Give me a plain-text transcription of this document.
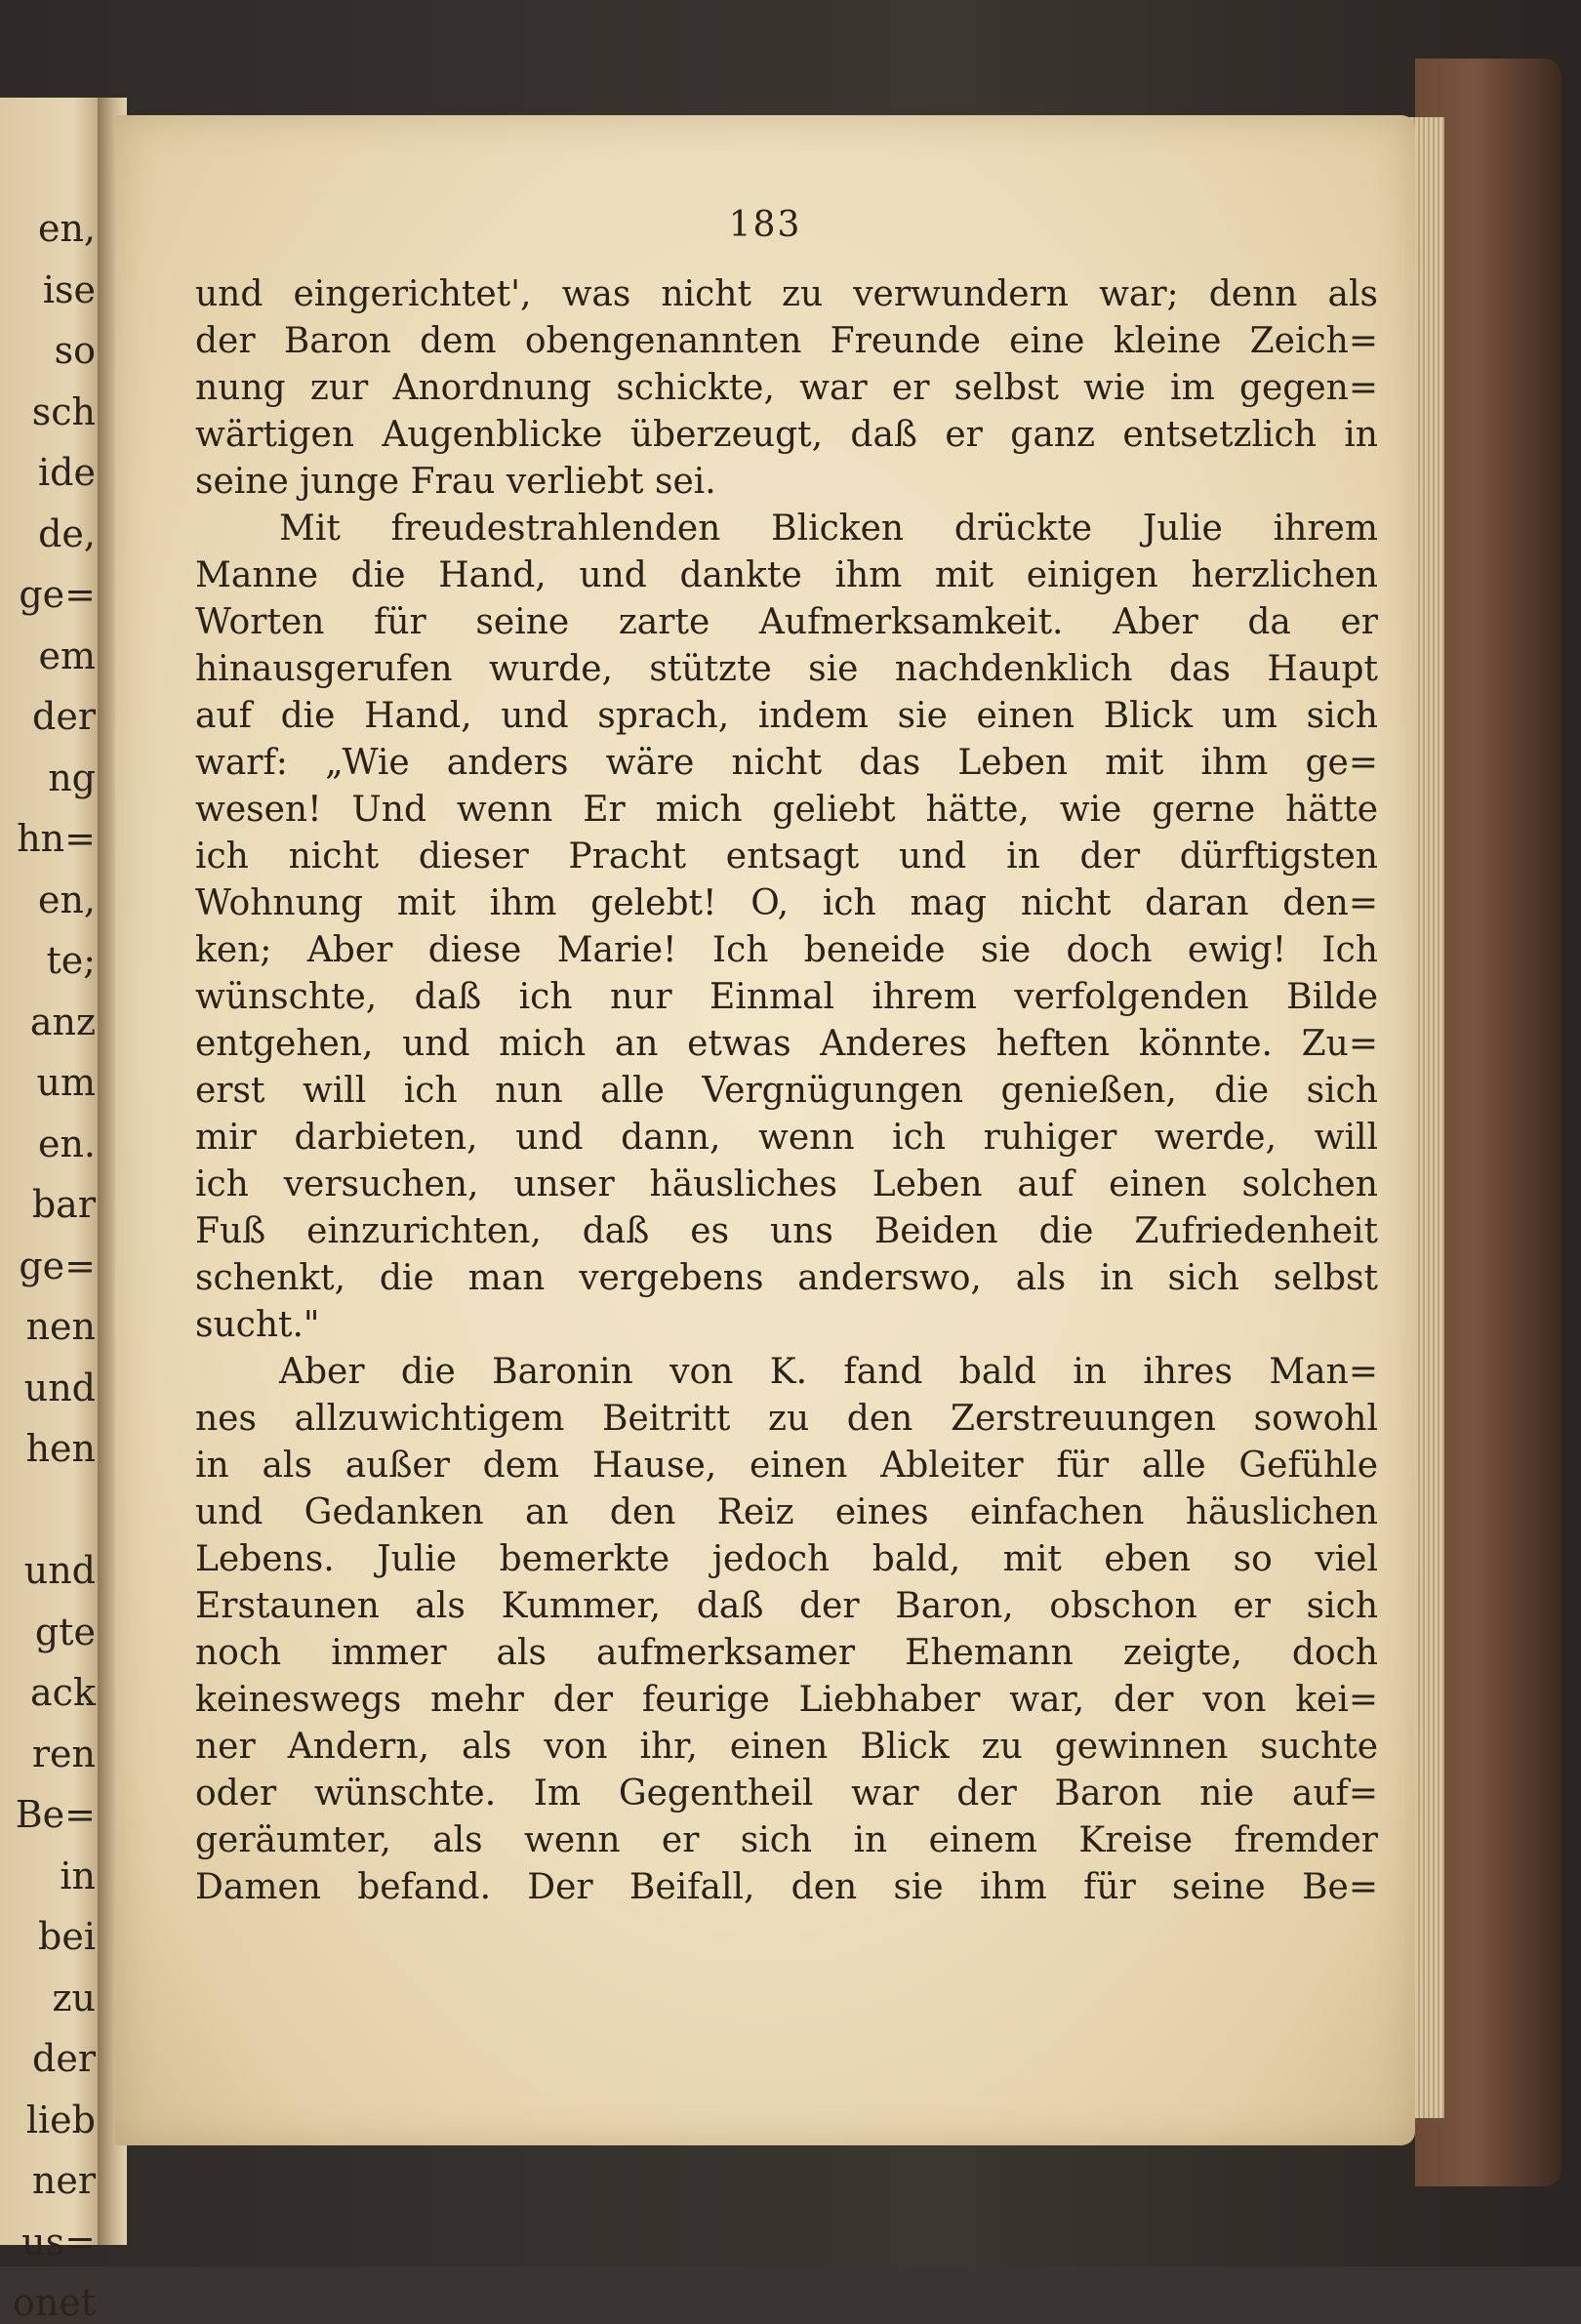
en,
ise
so
sch
ide
de,
ge=
em
der
ng
hn=
en,
te;
anz
um
en.
bar
ge=
nen
und
hen
und
gte
ack
ren
Be=
in
bei
zu
der
lieb
ner
us=
onet
183
und eingerichtet', was nicht zu verwundern war; denn als
der Baron dem obengenannten Freunde eine kleine Zeich=
nung zur Anordnung schickte, war er selbst wie im gegen=
wärtigen Augenblicke überzeugt, daß er ganz entsetzlich in
seine junge Frau verliebt sei.
Mit freudestrahlenden Blicken drückte Julie ihrem
Manne die Hand, und dankte ihm mit einigen herzlichen
Worten für seine zarte Aufmerksamkeit. Aber da er
hinausgerufen wurde, stützte sie nachdenklich das Haupt
auf die Hand, und sprach, indem sie einen Blick um sich
warf: „Wie anders wäre nicht das Leben mit ihm ge=
wesen! Und wenn Er mich geliebt hätte, wie gerne hätte
ich nicht dieser Pracht entsagt und in der dürftigsten
Wohnung mit ihm gelebt! O, ich mag nicht daran den=
ken; Aber diese Marie! Ich beneide sie doch ewig! Ich
wünschte, daß ich nur Einmal ihrem verfolgenden Bilde
entgehen, und mich an etwas Anderes heften könnte. Zu=
erst will ich nun alle Vergnügungen genießen, die sich
mir darbieten, und dann, wenn ich ruhiger werde, will
ich versuchen, unser häusliches Leben auf einen solchen
Fuß einzurichten, daß es uns Beiden die Zufriedenheit
schenkt, die man vergebens anderswo, als in sich selbst
sucht."
Aber die Baronin von K. fand bald in ihres Man=
nes allzuwichtigem Beitritt zu den Zerstreuungen sowohl
in als außer dem Hause, einen Ableiter für alle Gefühle
und Gedanken an den Reiz eines einfachen häuslichen
Lebens. Julie bemerkte jedoch bald, mit eben so viel
Erstaunen als Kummer, daß der Baron, obschon er sich
noch immer als aufmerksamer Ehemann zeigte, doch
keineswegs mehr der feurige Liebhaber war, der von kei=
ner Andern, als von ihr, einen Blick zu gewinnen suchte
oder wünschte. Im Gegentheil war der Baron nie auf=
geräumter, als wenn er sich in einem Kreise fremder
Damen befand. Der Beifall, den sie ihm für seine Be=
